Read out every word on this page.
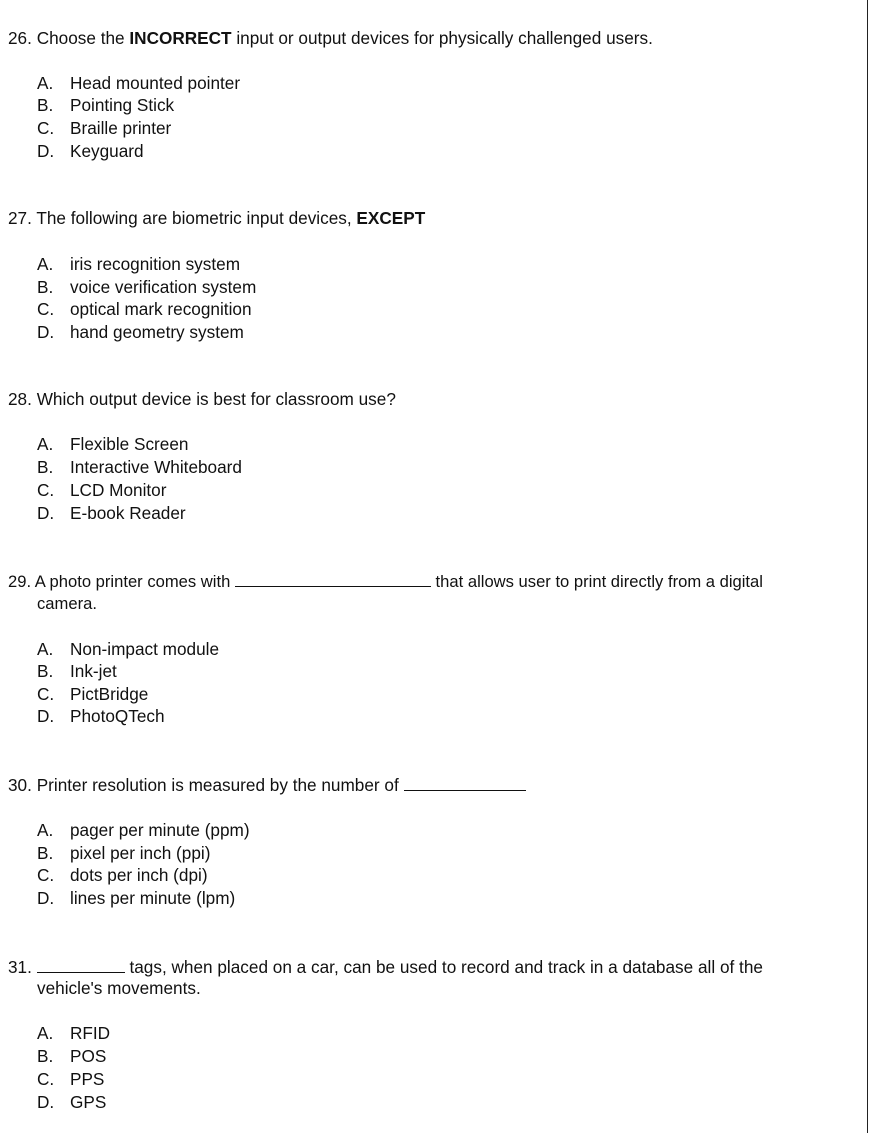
26. Choose the INCORRECT input or output devices for physically challenged users.
A. Head mounted pointer
B. Pointing Stick
C. Braille printer
D. Keyguard
27. The following are biometric input devices, EXCEPT
A. iris recognition system
B. voice verification system
C. optical mark recognition
D. hand geometry system
28. Which output device is best for classroom use?
A. Flexible Screen
B. Interactive Whiteboard
C. LCD Monitor
D. E-book Reader
29. A photo printer comes with	that allows user to print directly from a digital
camera.
A. Non-impact module
B. Ink-jet
C. PictBridge
D. PhotoQTech
30. Printer resolution is measured by the number of
A. pager per minute (ppm)
B. pixel per inch (ppi)
C. dots per inch (dpi)
D. lines per minute (lpm)
31.	tags, when placed on a car, can be used to record and track in a database all of the
vehicle's movements.
A. RFID
B. POS
C. PPS
D. GPS
